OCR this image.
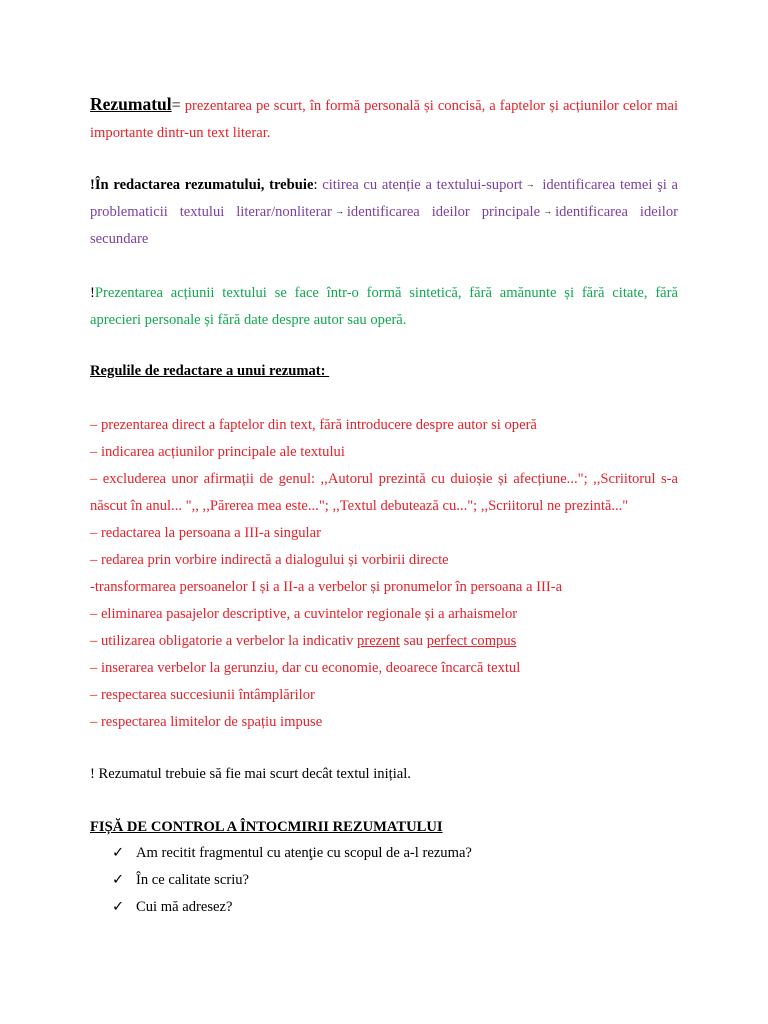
Rezumatul= prezentarea pe scurt, în formă personală și concisă, a faptelor și acțiunilor celor mai importante dintr-un text literar.
!În redactarea rezumatului, trebuie: citirea cu atenție a textului-suport → identificarea temei şi a problematicii textului literar/nonliterar → identificarea ideilor principale → identificarea ideilor secundare
!Prezentarea acțiunii textului se face într-o formă sintetică, fără amănunte și fără citate, fără aprecieri personale și fără date despre autor sau operă.
Regulile de redactare a unui rezumat:
– prezentarea direct a faptelor din text, fără introducere despre autor si operă
– indicarea acțiunilor principale ale textului
– excluderea unor afirmații de genul: ,,Autorul prezintă cu duioșie și afecțiune..."; ,,Scriitorul s-a născut în anul... ",, ,,Părerea mea este..."; ,,Textul debutează cu..."; ,,Scriitorul ne prezintă..."
– redactarea la persoana a III-a singular
– redarea prin vorbire indirectă a dialogului și vorbirii directe
-transformarea persoanelor I și a II-a a verbelor și pronumelor în persoana a III-a
– eliminarea pasajelor descriptive, a cuvintelor regionale și a arhaismelor
– utilizarea obligatorie a verbelor la indicativ prezent sau perfect compus
– inserarea verbelor la gerunziu, dar cu economie, deoarece încarcă textul
– respectarea succesiunii întâmplărilor
– respectarea limitelor de spațiu impuse
! Rezumatul trebuie să fie mai scurt decât textul inițial.
FIȘĂ DE CONTROL A ÎNTOCMIRII REZUMATULUI
✓ Am recitit fragmentul cu atenţie cu scopul de a-l rezuma?
✓ În ce calitate scriu?
✓ Cui mă adresez?
